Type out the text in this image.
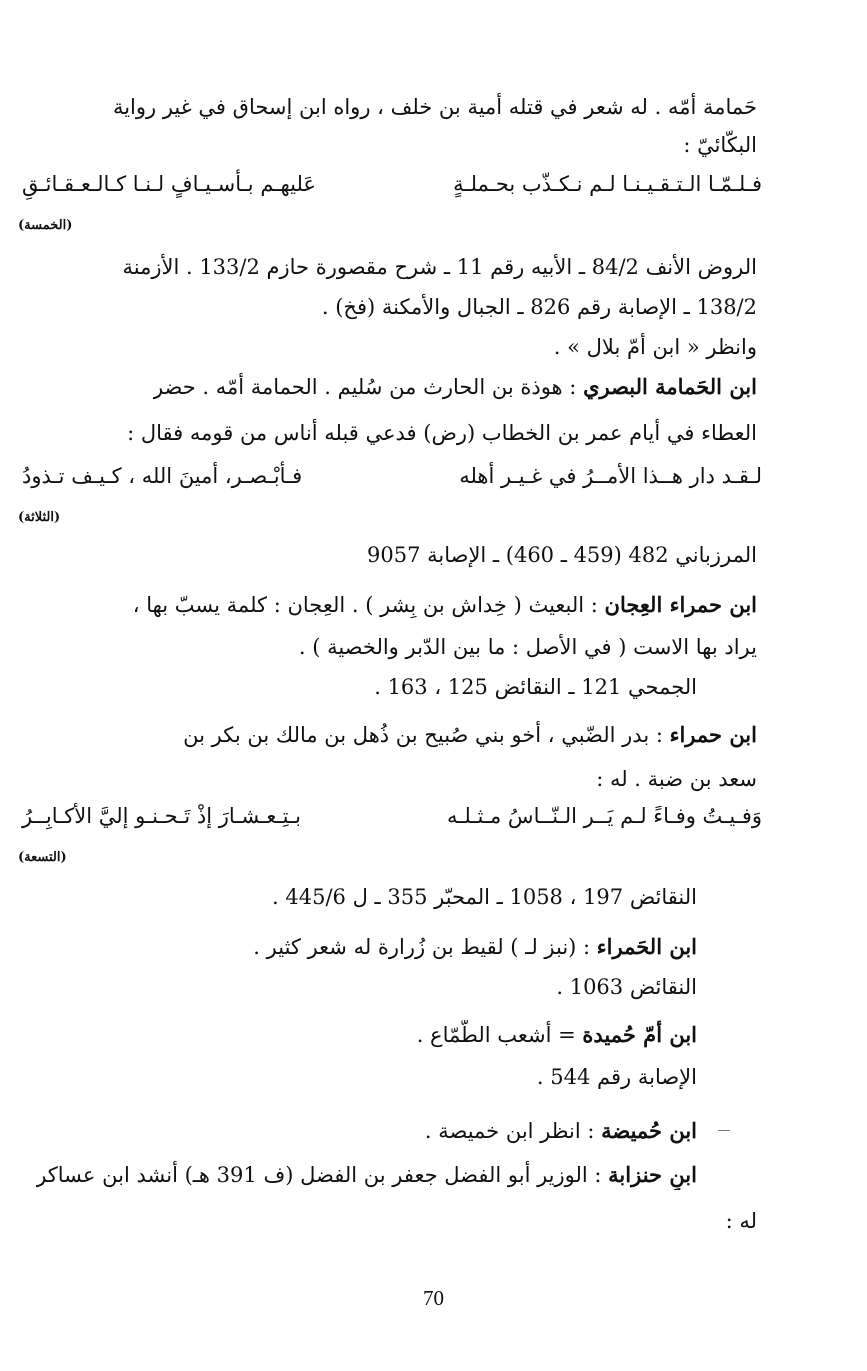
حَمامة أمّه . له شعر في قتله أمية بن خلف ، رواه ابن إسحاق في غير رواية
البكّائيّ :
فـلـمّـا الـتـقـيـنـا لـم نـكـذّب بحـملـةٍ
عَليهـم بـأسـيـافٍ لـنـا كـالـعـقـائـقِ
(الخمسة)
الروض الأنف 84/2 ـ الأبيه رقم 11 ـ شرح مقصورة حازم 133/2 . الأزمنة
138/2 ـ الإصابة رقم 826 ـ الجبال والأمكنة (فخ) .
وانظر « ابن أمّ بلال » .
ابن الحَمامة البصري : هوذة بن الحارث من سُليم . الحمامة أمّه . حضر
العطاء في أيام عمر بن الخطاب (رض) فدعي قبله أناس من قومه فقال :
لـقـد دار هــذا الأمــرُ في غـيـر أهله
فـأبْـصـر، أمينَ الله ، كـيـف تـذودُ
(الثلاثة)
المرزباني 482 (459 ـ 460) ـ الإصابة 9057
ابن حمراء العِجان : البعيث ( خِداش بن بِشر ) . العِجان : كلمة يسبّ بها ،
يراد بها الاست ( في الأصل : ما بين الدّبر والخصية ) .
الجمحي 121 ـ النقائض 125 ، 163 .
ابن حمراء : بدر الضّبي ، أخو بني صُبيح بن ذُهل بن مالك بن بكر بن
سعد بن ضبة . له :
وَفـيـتُ وفـاءً لـم يَــر الـنّــاسُ مـثـلـه
بـتِـعـشـارَ إذْ تَـحـنـو إليَّ الأكـابِــرُ
(التسعة)
النقائض 197 ، 1058 ـ المحبّر 355 ـ ل 445/6 .
ابن الحَمراء : (نبز لـ ) لقيط بن زُرارة له شعر كثير .
النقائض 1063 .
ابن أمّ حُميدة = أشعب الطّمّاع .
الإصابة رقم 544 .
ابن حُميضة : انظر ابن خميصة .
ابنِ حنزابة : الوزير أبو الفضل جعفر بن الفضل (ف 391 هـ) أنشد ابن عساكر
له :
70
